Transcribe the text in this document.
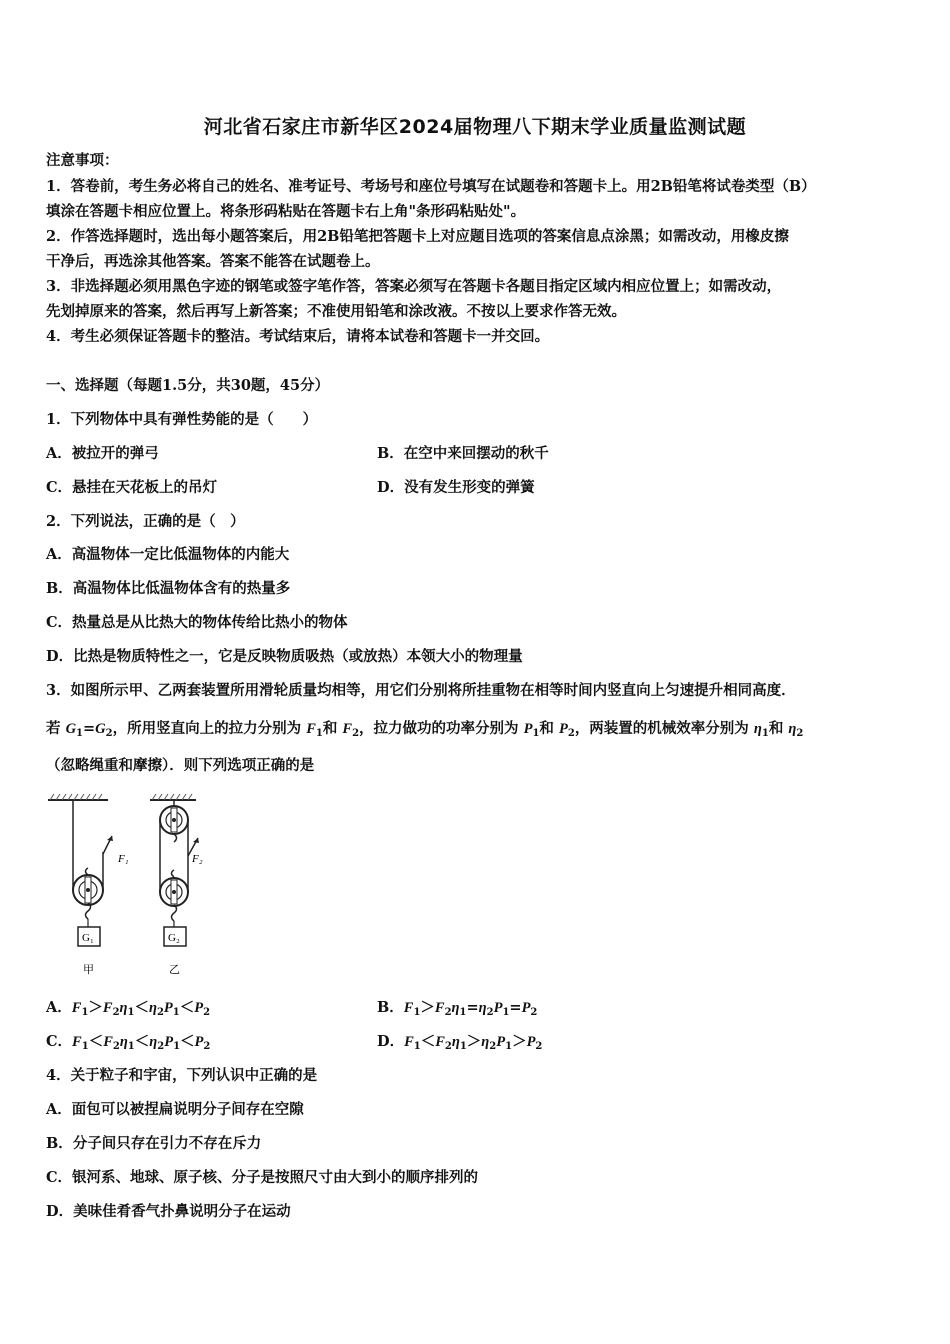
河北省石家庄市新华区2024届物理八下期末学业质量监测试题
注意事项：
1．答卷前，考生务必将自己的姓名、准考证号、考场号和座位号填写在试题卷和答题卡上。用2B铅笔将试卷类型（B）
填涂在答题卡相应位置上。将条形码粘贴在答题卡右上角"条形码粘贴处"。
2．作答选择题时，选出每小题答案后，用2B铅笔把答题卡上对应题目选项的答案信息点涂黑；如需改动，用橡皮擦
干净后，再选涂其他答案。答案不能答在试题卷上。
3．非选择题必须用黑色字迹的钢笔或签字笔作答，答案必须写在答题卡各题目指定区域内相应位置上；如需改动，
先划掉原来的答案，然后再写上新答案；不准使用铅笔和涂改液。不按以上要求作答无效。
4．考生必须保证答题卡的整洁。考试结束后，请将本试卷和答题卡一并交回。
一、选择题（每题1.5分，共30题，45分）
1．下列物体中具有弹性势能的是（　　）
A．被拉开的弹弓	B．在空中来回摆动的秋千
C．悬挂在天花板上的吊灯	D．没有发生形变的弹簧
2．下列说法，正确的是（　）
A．高温物体一定比低温物体的内能大
B．高温物体比低温物体含有的热量多
C．热量总是从比热大的物体传给比热小的物体
D．比热是物质特性之一，它是反映物质吸热（或放热）本领大小的物理量
3．如图所示甲、乙两套装置所用滑轮质量均相等，用它们分别将所挂重物在相等时间内竖直向上匀速提升相同高度．
若 $G_1=G_2$，所用竖直向上的拉力分别为 $F_1$和 $F_2$，拉力做功的功率分别为 $P_1$和 $P_2$，两装置的机械效率分别为 $\eta_1$和 $\eta_2$
（忽略绳重和摩擦）．则下列选项正确的是
F₁	F₂
G₁	G₂
甲	乙
A．$F_1>F_2\eta_1<\eta_2P_1<P_2$	B．$F_1>F_2\eta_1=\eta_2P_1=P_2$
C．$F_1<F_2\eta_1<\eta_2P_1<P_2$	D．$F_1<F_2\eta_1>\eta_2P_1>P_2$
4．关于粒子和宇宙，下列认识中正确的是
A．面包可以被捏扁说明分子间存在空隙
B．分子间只存在引力不存在斥力
C．银河系、地球、原子核、分子是按照尺寸由大到小的顺序排列的
D．美味佳肴香气扑鼻说明分子在运动
